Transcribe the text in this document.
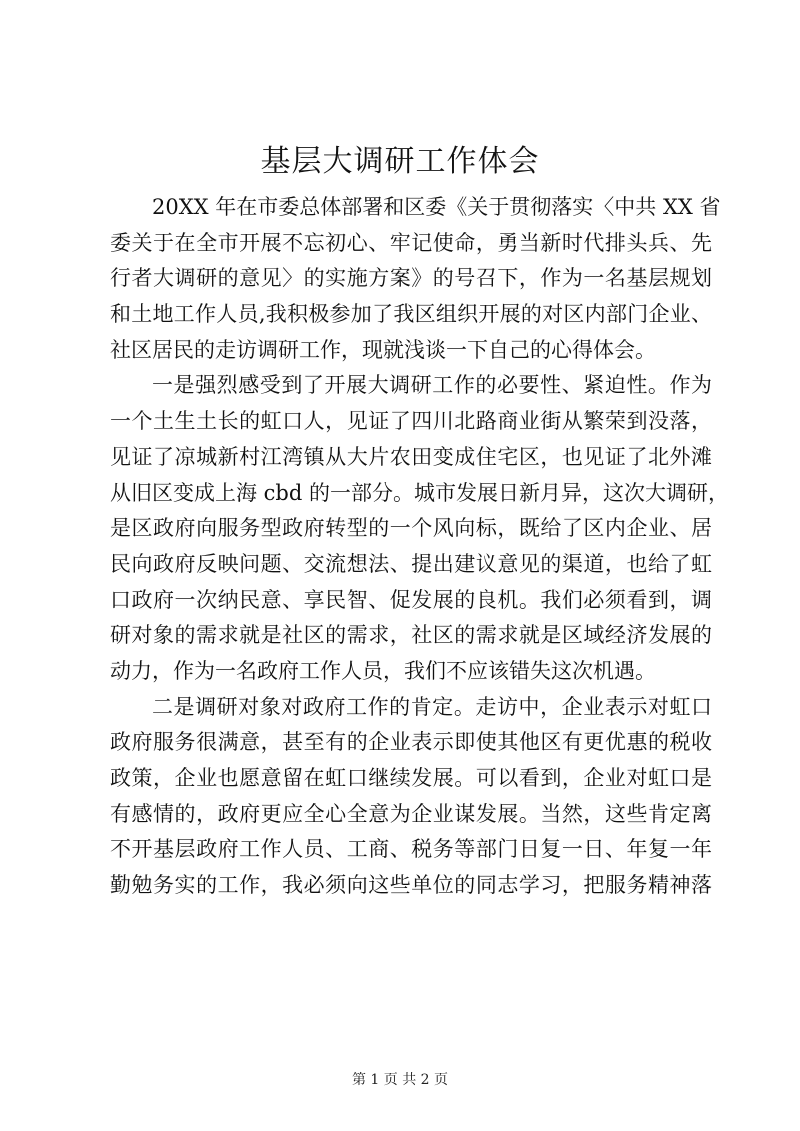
基层大调研工作体会
20XX 年在市委总体部署和区委《关于贯彻落实〈中共 XX 省
委关于在全市开展不忘初心、牢记使命，勇当新时代排头兵、先
行者大调研的意见〉的实施方案》的号召下，作为一名基层规划
和土地工作人员,我积极参加了我区组织开展的对区内部门企业、
社区居民的走访调研工作，现就浅谈一下自己的心得体会。
一是强烈感受到了开展大调研工作的必要性、紧迫性。作为
一个土生土长的虹口人，见证了四川北路商业街从繁荣到没落，
见证了凉城新村江湾镇从大片农田变成住宅区，也见证了北外滩
从旧区变成上海 cbd 的一部分。城市发展日新月异，这次大调研，
是区政府向服务型政府转型的一个风向标，既给了区内企业、居
民向政府反映问题、交流想法、提出建议意见的渠道，也给了虹
口政府一次纳民意、享民智、促发展的良机。我们必须看到，调
研对象的需求就是社区的需求，社区的需求就是区域经济发展的
动力，作为一名政府工作人员，我们不应该错失这次机遇。
二是调研对象对政府工作的肯定。走访中，企业表示对虹口
政府服务很满意，甚至有的企业表示即使其他区有更优惠的税收
政策，企业也愿意留在虹口继续发展。可以看到，企业对虹口是
有感情的，政府更应全心全意为企业谋发展。当然，这些肯定离
不开基层政府工作人员、工商、税务等部门日复一日、年复一年
勤勉务实的工作，我必须向这些单位的同志学习，把服务精神落
第 1 页 共 2 页
